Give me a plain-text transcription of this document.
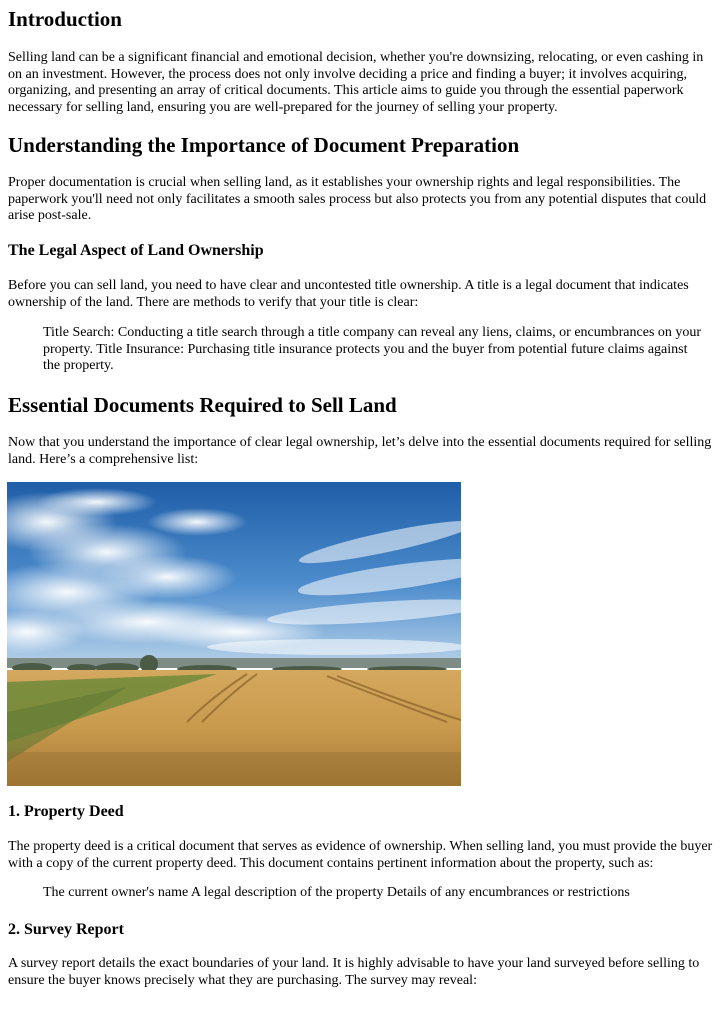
Introduction

Selling land can be a significant financial and emotional decision, whether you're downsizing, relocating, or even cashing in on an investment. However, the process does not only involve deciding a price and finding a buyer; it involves acquiring, organizing, and presenting an array of critical documents. This article aims to guide you through the essential paperwork necessary for selling land, ensuring you are well-prepared for the journey of selling your property.

Understanding the Importance of Document Preparation

Proper documentation is crucial when selling land, as it establishes your ownership rights and legal responsibilities. The paperwork you'll need not only facilitates a smooth sales process but also protects you from any potential disputes that could arise post-sale.

The Legal Aspect of Land Ownership

Before you can sell land, you need to have clear and uncontested title ownership. A title is a legal document that indicates ownership of the land. There are methods to verify that your title is clear:

Title Search: Conducting a title search through a title company can reveal any liens, claims, or encumbrances on your property. Title Insurance: Purchasing title insurance protects you and the buyer from potential future claims against the property.
Essential Documents Required to Sell Land

Now that you understand the importance of clear legal ownership, let’s delve into the essential documents required for selling land. Here’s a comprehensive list:

1. Property Deed

The property deed is a critical document that serves as evidence of ownership. When selling land, you must provide the buyer with a copy of the current property deed. This document contains pertinent information about the property, such as:

The current owner's name A legal description of the property Details of any encumbrances or restrictions
2. Survey Report

A survey report details the exact boundaries of your land. It is highly advisable to have your land surveyed before selling to ensure the buyer knows precisely what they are purchasing. The survey may reveal:
